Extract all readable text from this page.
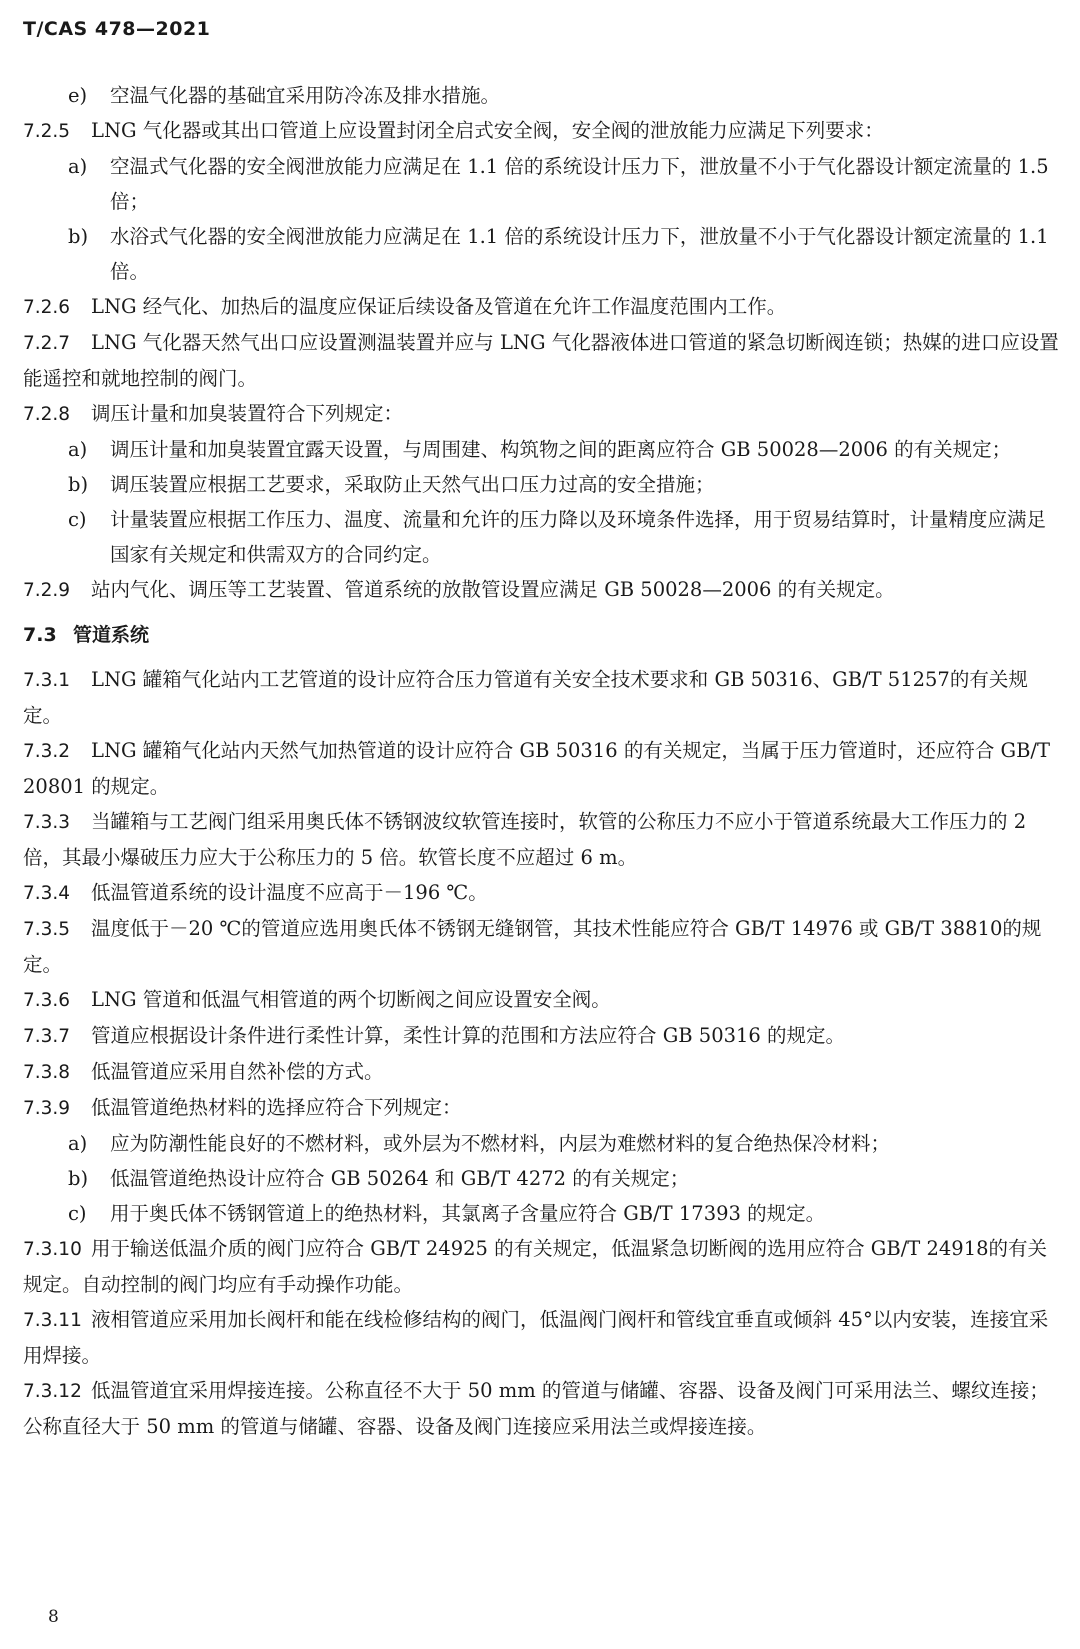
T/CAS 478—2021

e) 空温气化器的基础宜采用防冷冻及排水措施。

7.2.5 LNG 气化器或其出口管道上应设置封闭全启式安全阀，安全阀的泄放能力应满足下列要求：

a) 空温式气化器的安全阀泄放能力应满足在 1.1 倍的系统设计压力下，泄放量不小于气化器设计额定流量的 1.5 倍；

b) 水浴式气化器的安全阀泄放能力应满足在 1.1 倍的系统设计压力下，泄放量不小于气化器设计额定流量的 1.1 倍。

7.2.6 LNG 经气化、加热后的温度应保证后续设备及管道在允许工作温度范围内工作。

7.2.7 LNG 气化器天然气出口应设置测温装置并应与 LNG 气化器液体进口管道的紧急切断阀连锁；热媒的进口应设置能遥控和就地控制的阀门。

7.2.8 调压计量和加臭装置符合下列规定：

a) 调压计量和加臭装置宜露天设置，与周围建、构筑物之间的距离应符合 GB 50028—2006 的有关规定；

b) 调压装置应根据工艺要求，采取防止天然气出口压力过高的安全措施；

c) 计量装置应根据工作压力、温度、流量和允许的压力降以及环境条件选择，用于贸易结算时，计量精度应满足国家有关规定和供需双方的合同约定。

7.2.9 站内气化、调压等工艺装置、管道系统的放散管设置应满足 GB 50028—2006 的有关规定。

7.3 管道系统

7.3.1 LNG 罐箱气化站内工艺管道的设计应符合压力管道有关安全技术要求和 GB 50316、GB/T 51257的有关规定。

7.3.2 LNG 罐箱气化站内天然气加热管道的设计应符合 GB 50316 的有关规定，当属于压力管道时，还应符合 GB/T 20801 的规定。

7.3.3 当罐箱与工艺阀门组采用奥氏体不锈钢波纹软管连接时，软管的公称压力不应小于管道系统最大工作压力的 2 倍，其最小爆破压力应大于公称压力的 5 倍。软管长度不应超过 6 m。

7.3.4 低温管道系统的设计温度不应高于－196 ℃。

7.3.5 温度低于－20 ℃的管道应选用奥氏体不锈钢无缝钢管，其技术性能应符合 GB/T 14976 或 GB/T 38810的规定。

7.3.6 LNG 管道和低温气相管道的两个切断阀之间应设置安全阀。

7.3.7 管道应根据设计条件进行柔性计算，柔性计算的范围和方法应符合 GB 50316 的规定。

7.3.8 低温管道应采用自然补偿的方式。

7.3.9 低温管道绝热材料的选择应符合下列规定：

a) 应为防潮性能良好的不燃材料，或外层为不燃材料，内层为难燃材料的复合绝热保冷材料；

b) 低温管道绝热设计应符合 GB 50264 和 GB/T 4272 的有关规定；

c) 用于奥氏体不锈钢管道上的绝热材料，其氯离子含量应符合 GB/T 17393 的规定。

7.3.10 用于输送低温介质的阀门应符合 GB/T 24925 的有关规定，低温紧急切断阀的选用应符合 GB/T 24918的有关规定。自动控制的阀门均应有手动操作功能。

7.3.11 液相管道应采用加长阀杆和能在线检修结构的阀门，低温阀门阀杆和管线宜垂直或倾斜 45°以内安装，连接宜采用焊接。

7.3.12 低温管道宜采用焊接连接。公称直径不大于 50 mm 的管道与储罐、容器、设备及阀门可采用法兰、螺纹连接；公称直径大于 50 mm 的管道与储罐、容器、设备及阀门连接应采用法兰或焊接连接。

8
